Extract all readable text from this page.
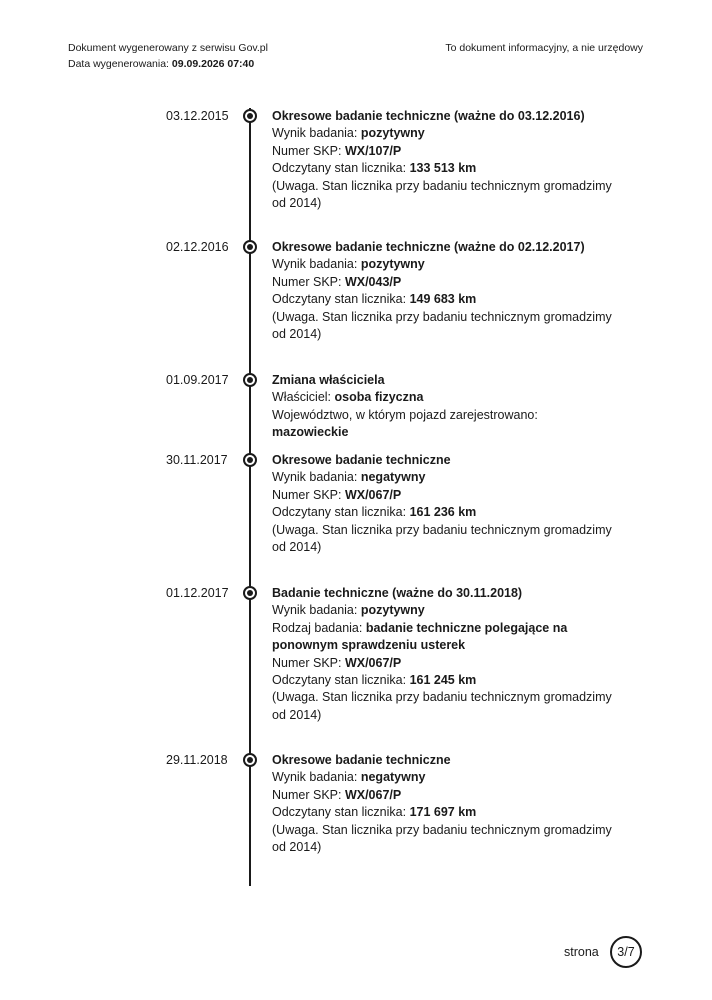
Dokument wygenerowany z serwisu Gov.pl
Data wygenerowania: 09.09.2026 07:40
To dokument informacyjny, a nie urzędowy
03.12.2015	Okresowe badanie techniczne (ważne do 03.12.2016)
Wynik badania: pozytywny
Numer SKP: WX/107/P
Odczytany stan licznika: 133 513 km
(Uwaga. Stan licznika przy badaniu technicznym gromadzimy od 2014)
02.12.2016	Okresowe badanie techniczne (ważne do 02.12.2017)
Wynik badania: pozytywny
Numer SKP: WX/043/P
Odczytany stan licznika: 149 683 km
(Uwaga. Stan licznika przy badaniu technicznym gromadzimy od 2014)
01.09.2017	Zmiana właściciela
Właściciel: osoba fizyczna
Województwo, w którym pojazd zarejestrowano: mazowieckie
30.11.2017	Okresowe badanie techniczne
Wynik badania: negatywny
Numer SKP: WX/067/P
Odczytany stan licznika: 161 236 km
(Uwaga. Stan licznika przy badaniu technicznym gromadzimy od 2014)
01.12.2017	Badanie techniczne (ważne do 30.11.2018)
Wynik badania: pozytywny
Rodzaj badania: badanie techniczne polegające na ponownym sprawdzeniu usterek
Numer SKP: WX/067/P
Odczytany stan licznika: 161 245 km
(Uwaga. Stan licznika przy badaniu technicznym gromadzimy od 2014)
29.11.2018	Okresowe badanie techniczne
Wynik badania: negatywny
Numer SKP: WX/067/P
Odczytany stan licznika: 171 697 km
(Uwaga. Stan licznika przy badaniu technicznym gromadzimy od 2014)
strona 3/7
